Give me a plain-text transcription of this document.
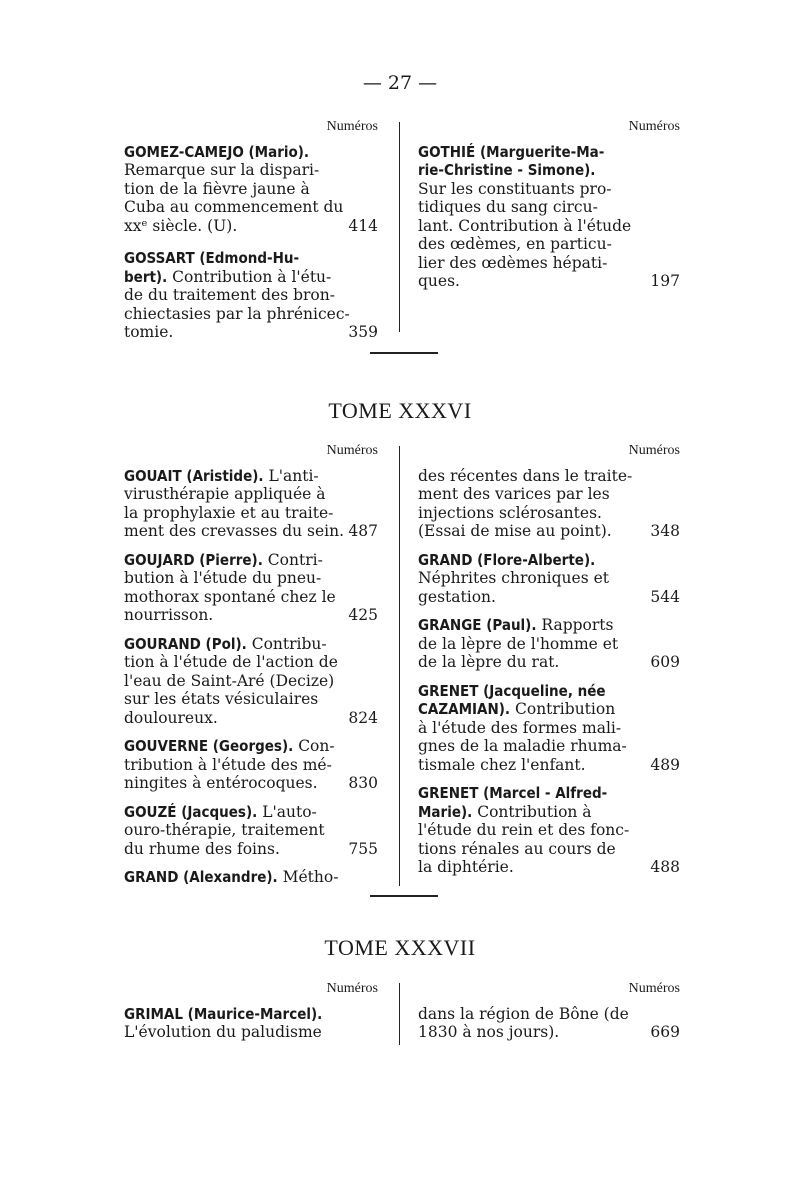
— 27 —
TOME XXXVI
TOME XXXVII
Numéros
GOMEZ-CAMEJO (Mario).
Remarque sur la dispari-
tion de la fièvre jaune à
Cuba au commencement du
xxᵉ siècle. (U).	414
GOSSART (Edmond-Hu-
bert). Contribution à l'étu-
de du traitement des bron-
chiectasies par la phrénicec-
tomie.	359
Numéros
GOTHIÉ (Marguerite-Ma-
rie-Christine - Simone).
Sur les constituants pro-
tidiques du sang circu-
lant. Contribution à l'étude
des œdèmes, en particu-
lier des œdèmes hépati-
ques.	197
Numéros
GOUAIT (Aristide). L'anti-
virusthérapie appliquée à
la prophylaxie et au traite-
ment des crevasses du sein. 487
GOUJARD (Pierre). Contri-
bution à l'étude du pneu-
mothorax spontané chez le
nourrisson.	425
GOURAND (Pol). Contribu-
tion à l'étude de l'action de
l'eau de Saint-Aré (Decize)
sur les états vésiculaires
douloureux.	824
GOUVERNE (Georges). Con-
tribution à l'étude des mé-
ningites à entérocoques. 830
GOUZÉ (Jacques). L'auto-
ouro-thérapie, traitement
du rhume des foins.	755
GRAND (Alexandre). Métho-
Numéros
des récentes dans le traite-
ment des varices par les
injections sclérosantes.
(Essai de mise au point). 348
GRAND (Flore-Alberte).
Néphrites chroniques et
gestation.	544
GRANGE (Paul). Rapports
de la lèpre de l'homme et
de la lèpre du rat.	609
GRENET (Jacqueline, née
CAZAMIAN). Contribution
à l'étude des formes mali-
gnes de la maladie rhuma-
tismale chez l'enfant.	489
GRENET (Marcel - Alfred-
Marie). Contribution à
l'étude du rein et des fonc-
tions rénales au cours de
la diphtérie.	488
Numéros
GRIMAL (Maurice-Marcel).
L'évolution du paludisme
Numéros
dans la région de Bône (de
1830 à nos jours).	669
